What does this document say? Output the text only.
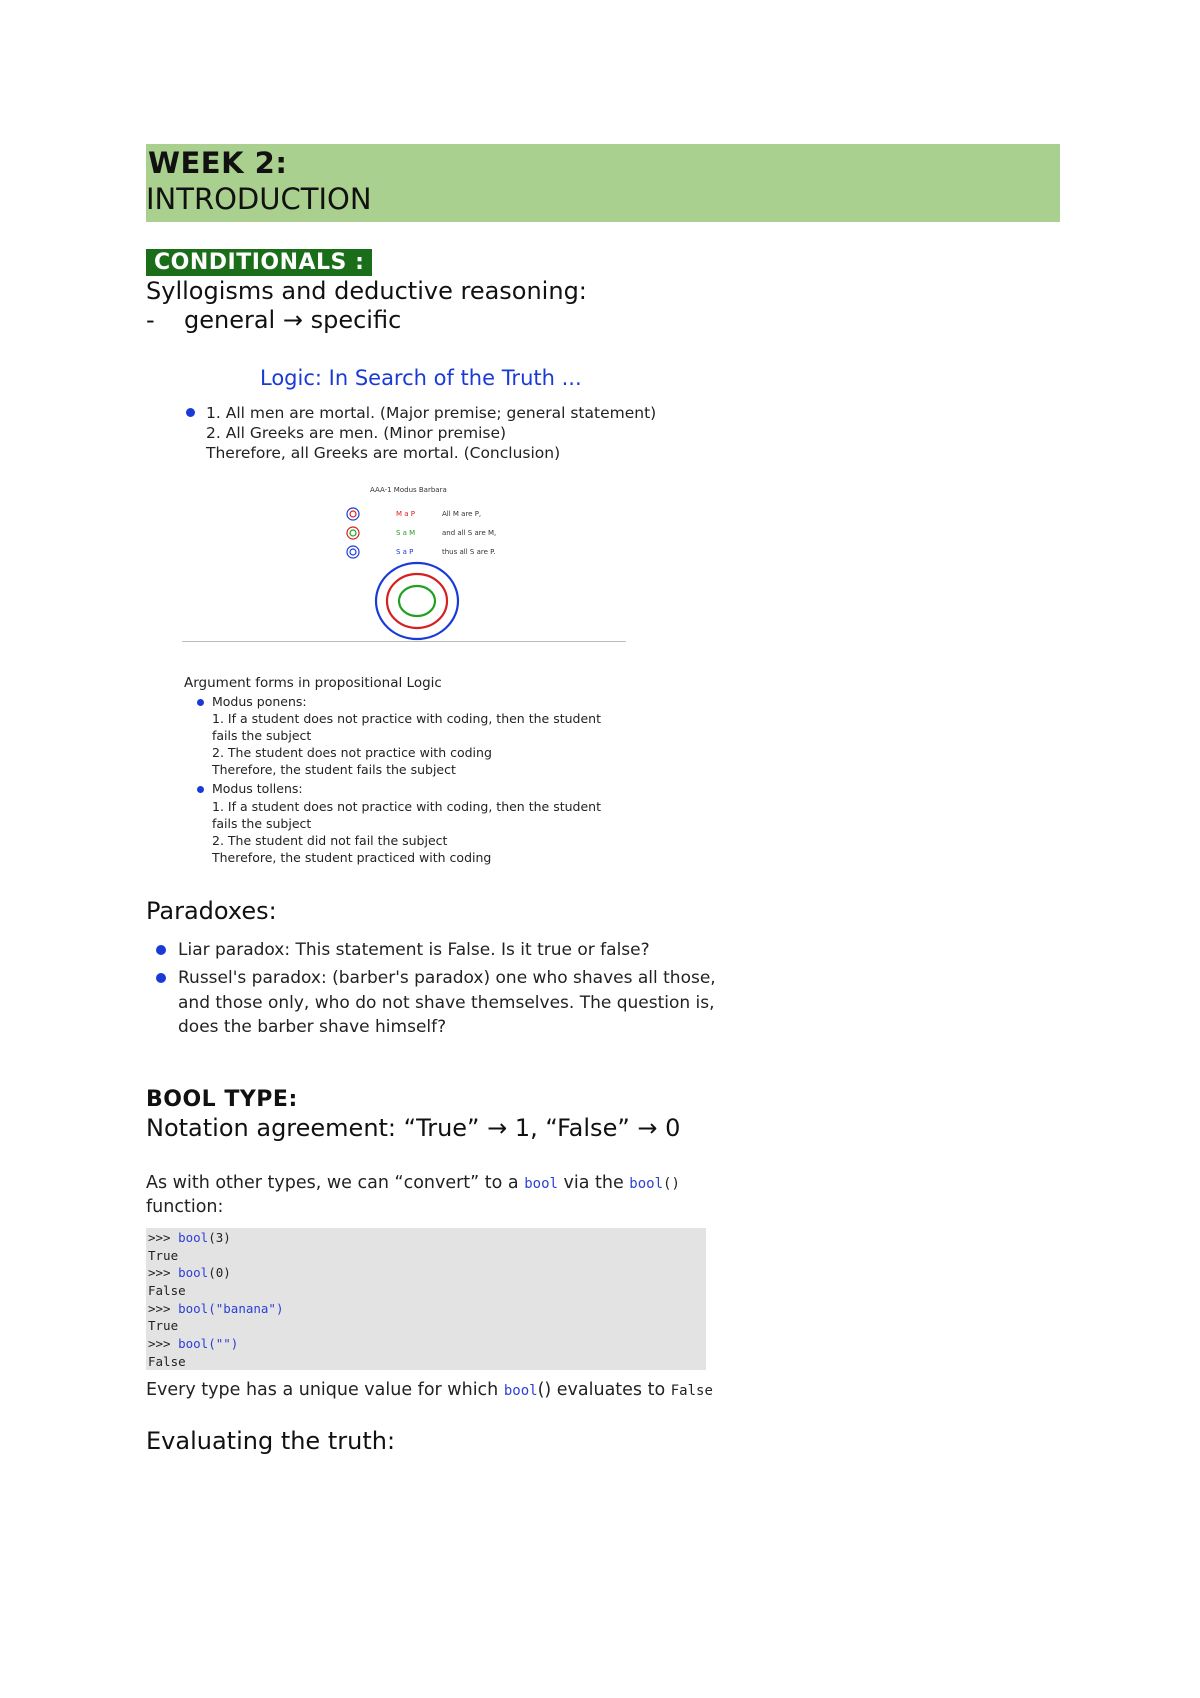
WEEK 2:
INTRODUCTION
CONDITIONALS :
Syllogisms and deductive reasoning:
- general → specific
Logic: In Search of the Truth ...
1. All men are mortal. (Major premise; general statement)
2. All Greeks are men. (Minor premise)
Therefore, all Greeks are mortal. (Conclusion)
AAA-1 Modus Barbara
M a P	All M are P,
S a M	and all S are M,
S a P	thus all S are P.
Argument forms in propositional Logic
Modus ponens:
1. If a student does not practice with coding, then the student
fails the subject
2. The student does not practice with coding
Therefore, the student fails the subject
Modus tollens:
1. If a student does not practice with coding, then the student
fails the subject
2. The student did not fail the subject
Therefore, the student practiced with coding
Paradoxes:
Liar paradox: This statement is False. Is it true or false?
Russel's paradox: (barber's paradox) one who shaves all those,
and those only, who do not shave themselves. The question is,
does the barber shave himself?
BOOL TYPE:
Notation agreement: “True” → 1, “False” → 0
As with other types, we can “convert” to a bool via the bool()
function:
>>> bool(3)
True
>>> bool(0)
False
>>> bool("banana")
True
>>> bool("")
False
Every type has a unique value for which bool() evaluates to False
Evaluating the truth:
